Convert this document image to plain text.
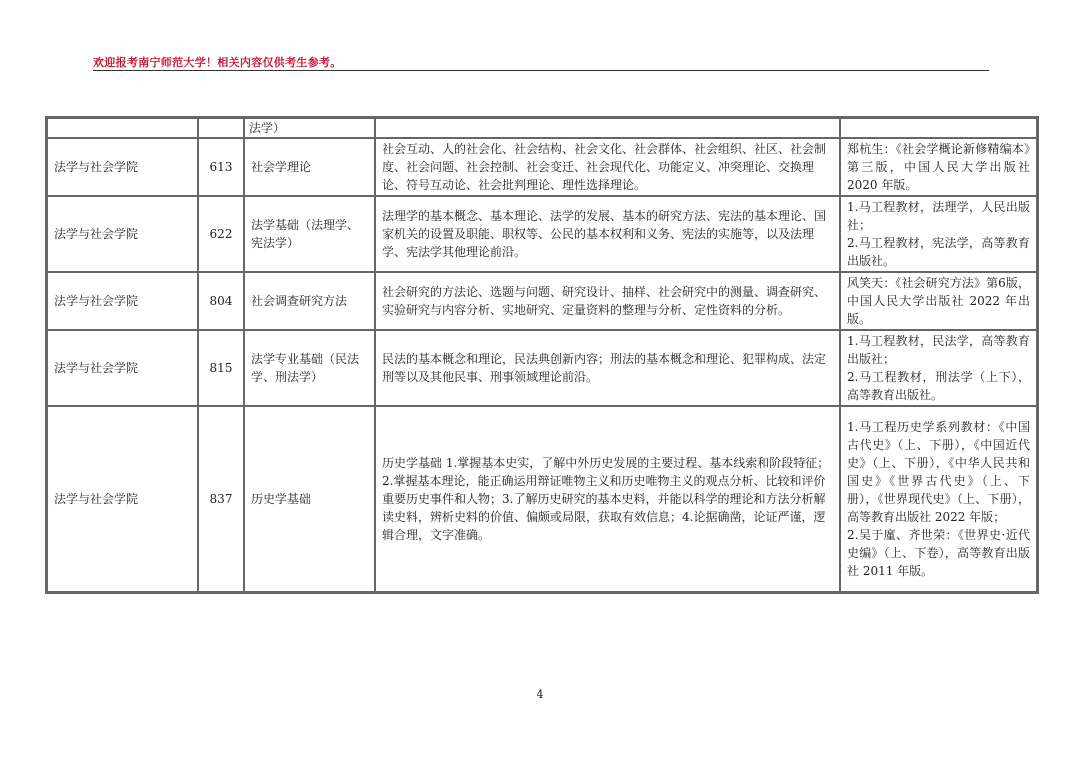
欢迎报考南宁师范大学！相关内容仅供考生参考。
		法学）		
法学与社会学院	613	社会学理论	社会互动、人的社会化、社会结构、社会文化、社会群体、社会组织、社区、社会制度、社会问题、社会控制、社会变迁、社会现代化、功能定义、冲突理论、交换理论、符号互动论、社会批判理论、理性选择理论。	郑杭生：《社会学概论新修精编本》第三版，中国人民大学出版社 2020 年版。
法学与社会学院	622	法学基础（法理学、宪法学）	法理学的基本概念、基本理论、法学的发展、基本的研究方法、宪法的基本理论、国家机关的设置及职能、职权等、公民的基本权利和义务、宪法的实施等，以及法理学、宪法学其他理论前沿。	1.马工程教材，法理学，人民出版社；
2.马工程教材，宪法学，高等教育出版社。
法学与社会学院	804	社会调查研究方法	社会研究的方法论、选题与问题、研究设计、抽样、社会研究中的测量、调查研究、实验研究与内容分析、实地研究、定量资料的整理与分析、定性资料的分析。	风笑天：《社会研究方法》第6版，中国人民大学出版社 2022 年出版。
法学与社会学院	815	法学专业基础（民法学、刑法学）	民法的基本概念和理论，民法典创新内容；刑法的基本概念和理论、犯罪构成、法定刑等以及其他民事、刑事领域理论前沿。	1.马工程教材，民法学，高等教育出版社；
2.马工程教材，刑法学（上下），高等教育出版社。
法学与社会学院	837	历史学基础	历史学基础 1.掌握基本史实，了解中外历史发展的主要过程、基本线索和阶段特征；2.掌握基本理论，能正确运用辩证唯物主义和历史唯物主义的观点分析、比较和评价重要历史事件和人物；3.了解历史研究的基本史料，并能以科学的理论和方法分析解读史料，辨析史料的价值、偏颇或局限，获取有效信息；4.论据确凿，论证严谨，逻辑合理，文字准确。	1.马工程历史学系列教材：《中国古代史》（上、下册），《中国近代史》（上、下册），《中华人民共和国史》《世界古代史》（上、下册），《世界现代史》（上、下册），高等教育出版社 2022 年版；
2.吴于廑、齐世荣：《世界史·近代史编》（上、下卷），高等教育出版社 2011 年版。
4
